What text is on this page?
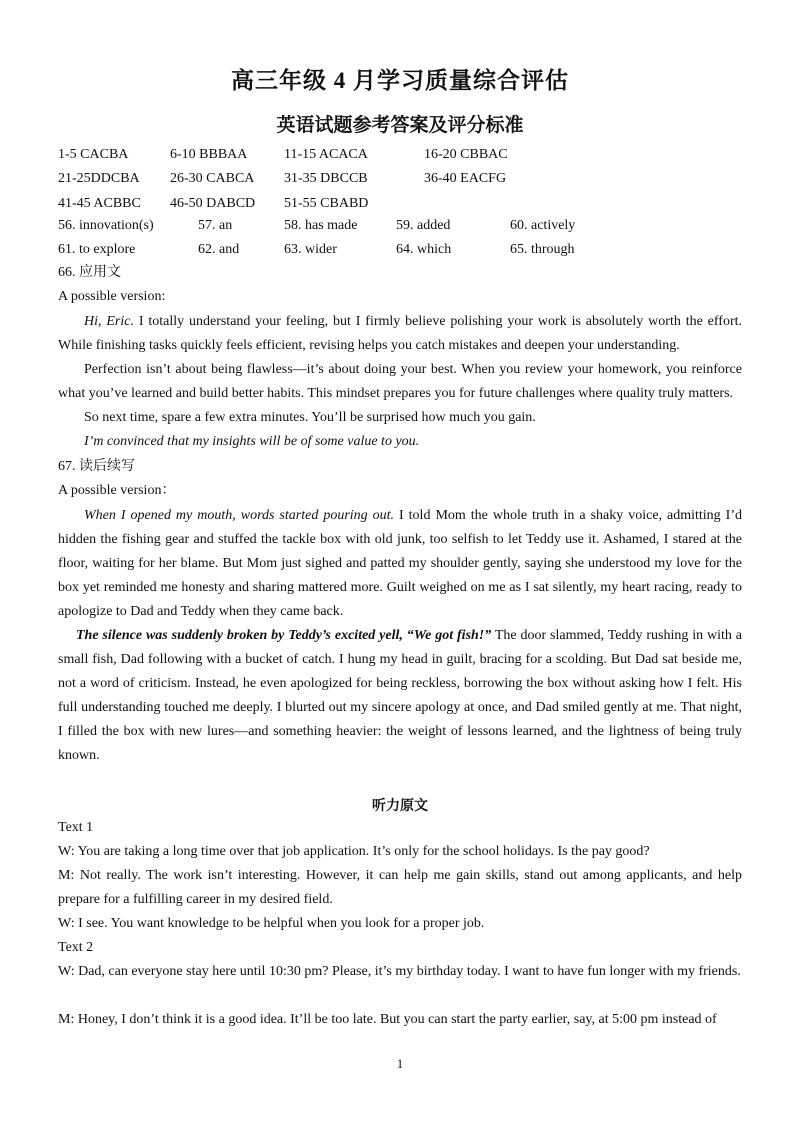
高三年级 4 月学习质量综合评估
英语试题参考答案及评分标准
1-5 CACBA	6-10 BBBAA	11-15 ACACA	16-20 CBBAC
21-25DDCBA 26-30 CABCA 31-35 DBCCB	36-40 EACFG
41-45 ACBBC 46-50 DABCD 51-55 CBABD
56. innovation(s)	57. an	58. has made	59. added	60. actively
61. to explore	62. and	63. wider	64. which	65. through
66. 应用文
A possible version:
Hi, Eric. I totally understand your feeling, but I firmly believe polishing your work is absolutely worth the effort. While finishing tasks quickly feels efficient, revising helps you catch mistakes and deepen your understanding.
Perfection isn’t about being flawless—it’s about doing your best. When you review your homework, you reinforce what you’ve learned and build better habits. This mindset prepares you for future challenges where quality truly matters.
So next time, spare a few extra minutes. You’ll be surprised how much you gain.
I’m convinced that my insights will be of some value to you.
67. 读后续写
A possible version：
When I opened my mouth, words started pouring out. I told Mom the whole truth in a shaky voice, admitting I’d hidden the fishing gear and stuffed the tackle box with old junk, too selfish to let Teddy use it. Ashamed, I stared at the floor, waiting for her blame. But Mom just sighed and patted my shoulder gently, saying she understood my love for the box yet reminded me honesty and sharing mattered more. Guilt weighed on me as I sat silently, my heart racing, ready to apologize to Dad and Teddy when they came back.
The silence was suddenly broken by Teddy’s excited yell, “We got fish!” The door slammed, Teddy rushing in with a small fish, Dad following with a bucket of catch. I hung my head in guilt, bracing for a scolding. But Dad sat beside me, not a word of criticism. Instead, he even apologized for being reckless, borrowing the box without asking how I felt. His full understanding touched me deeply. I blurted out my sincere apology at once, and Dad smiled gently at me. That night, I filled the box with new lures—and something heavier: the weight of lessons learned, and the lightness of being truly known.
听力原文
Text 1
W: You are taking a long time over that job application. It’s only for the school holidays. Is the pay good?
M: Not really. The work isn’t interesting. However, it can help me gain skills, stand out among applicants, and help prepare for a fulfilling career in my desired field.
W: I see. You want knowledge to be helpful when you look for a proper job.
Text 2
W: Dad, can everyone stay here until 10:30 pm? Please, it’s my birthday today. I want to have fun longer with my friends.
M: Honey, I don’t think it is a good idea. It’ll be too late. But you can start the party earlier, say, at 5:00 pm instead of
1
